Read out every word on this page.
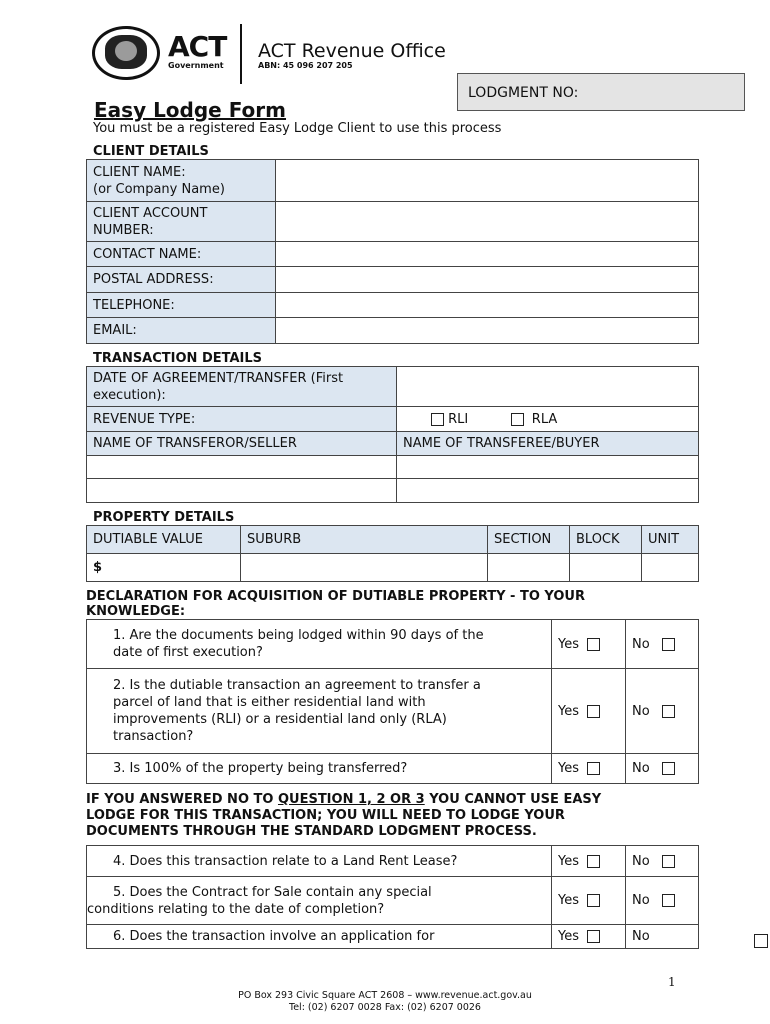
ACT
Government
ACT Revenue Office
ABN: 45 096 207 205
LODGMENT NO:
Easy Lodge Form
You must be a registered Easy Lodge Client to use this process
CLIENT DETAILS
CLIENT NAME:
(or Company Name)	
CLIENT ACCOUNT
NUMBER:	
CONTACT NAME:	
POSTAL ADDRESS:	
TELEPHONE:	
EMAIL:	
TRANSACTION DETAILS
DATE OF AGREEMENT/TRANSFER (First
execution):	
REVENUE TYPE:	RLI RLA
NAME OF TRANSFEROR/SELLER	NAME OF TRANSFEREE/BUYER

PROPERTY DETAILS
DUTIABLE VALUE	SUBURB	SECTION	BLOCK	UNIT
$				
DECLARATION FOR ACQUISITION OF DUTIABLE PROPERTY - TO YOUR
KNOWLEDGE:
1. Are the documents being lodged within 90 days of the
date of first execution?	Yes	No
2. Is the dutiable transaction an agreement to transfer a
parcel of land that is either residential land with
improvements (RLI) or a residential land only (RLA)
transaction?	Yes	No
3. Is 100% of the property being transferred?	Yes	No
IF YOU ANSWERED NO TO QUESTION 1, 2 OR 3 YOU CANNOT USE EASY
LODGE FOR THIS TRANSACTION; YOU WILL NEED TO LODGE YOUR
DOCUMENTS THROUGH THE STANDARD LODGMENT PROCESS.
4. Does this transaction relate to a Land Rent Lease?	Yes	No
5. Does the Contract for Sale contain any special
conditions relating to the date of completion?	Yes	No
6. Does the transaction involve an application for	Yes	No
1
PO Box 293 Civic Square ACT 2608 – www.revenue.act.gov.au
Tel: (02) 6207 0028 Fax: (02) 6207 0026
